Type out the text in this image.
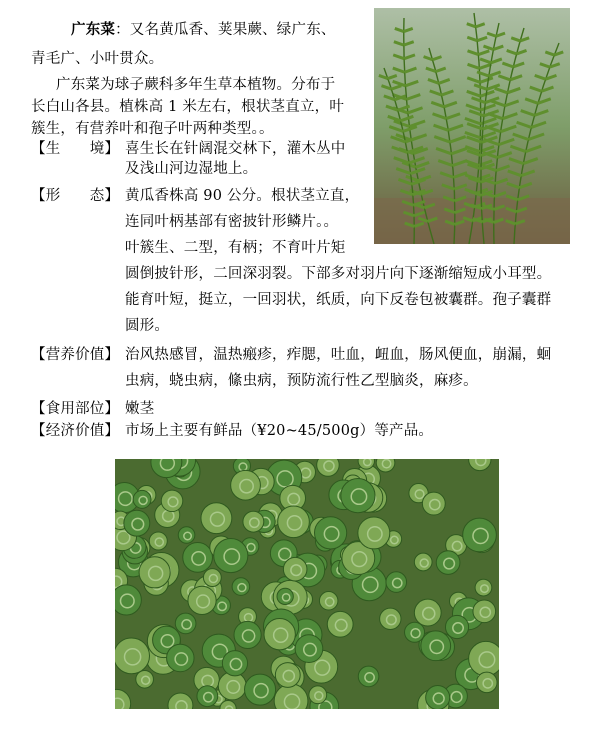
广东菜：又名黄瓜香、荚果蕨、绿广东、
青毛广、小叶贯众。
广东菜为球子蕨科多年生草本植物。分布于
长白山各县。植株高 1 米左右，根状茎直立，叶
簇生，有营养叶和孢子叶两种类型。。
【生　　境】 喜生长在针阔混交林下，灌木丛中
及浅山河边湿地上。
【形　　态】 黄瓜香株高 90 公分。根状茎立直，
连同叶柄基部有密披针形鳞片。。
叶簇生、二型，有柄；不育叶片矩
圆倒披针形，二回深羽裂。下部多对羽片向下逐渐缩短成小耳型。
能育叶短，挺立，一回羽状，纸质，向下反卷包被囊群。孢子囊群
圆形。
【营养价值】 治风热感冒，温热瘢疹，痄腮，吐血，衄血，肠风便血，崩漏，蛔
虫病，蛲虫病，絛虫病，预防流行性乙型脑炎，麻疹。
【食用部位】 嫩茎
【经济价值】 市场上主要有鲜品（¥20~45/500g）等产品。
